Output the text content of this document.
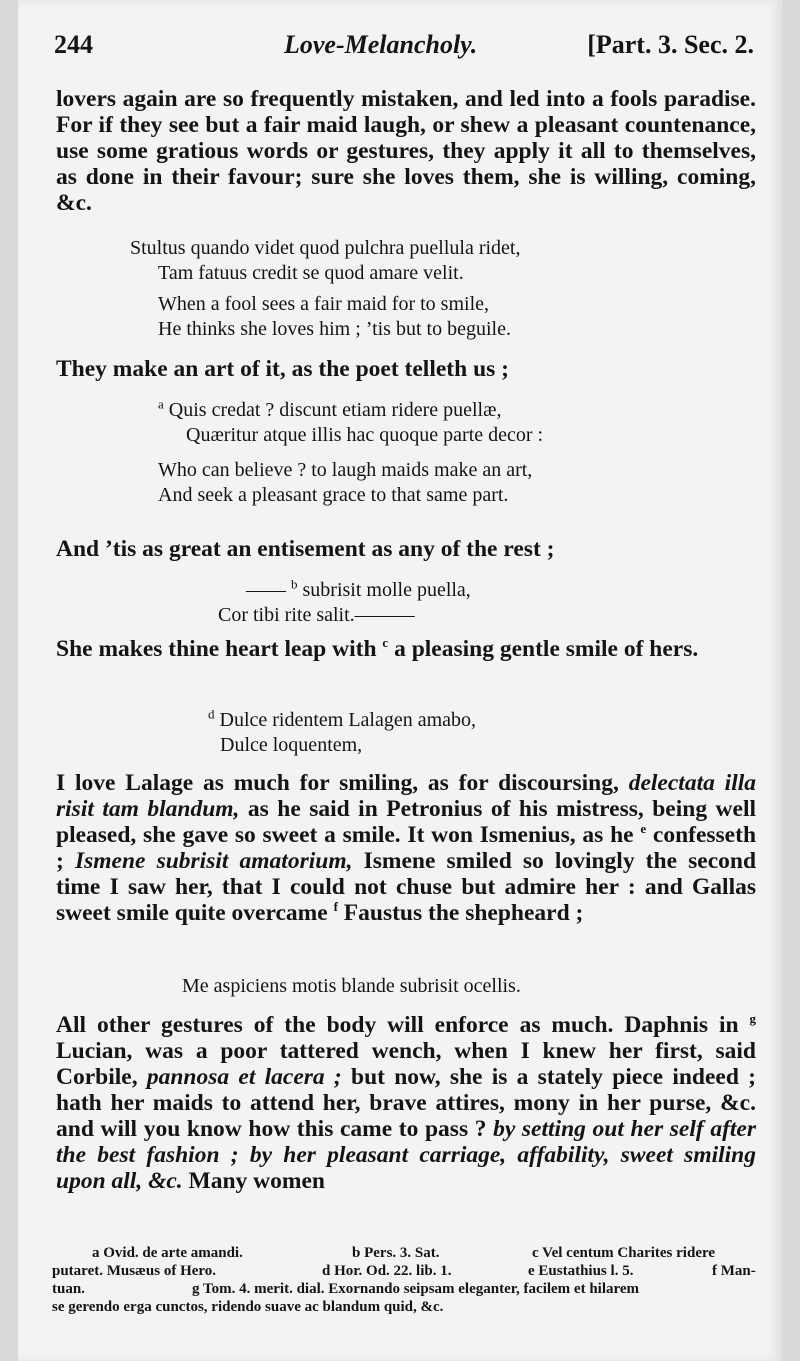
244	Love-Melancholy.	[Part. 3. Sec. 2.
lovers again are so frequently mistaken, and led into a fools paradise. For if they see but a fair maid laugh, or shew a pleasant countenance, use some gratious words or gestures, they apply it all to themselves, as done in their favour; sure she loves them, she is willing, coming, &c.
Stultus quando videt quod pulchra puellula ridet,
Tam fatuus credit se quod amare velit.
When a fool sees a fair maid for to smile,
He thinks she loves him ; ’tis but to beguile.
They make an art of it, as the poet telleth us ;
$^a$ Quis credat ? discunt etiam ridere puellæ,
Quæritur atque illis hac quoque parte decor :
Who can believe ? to laugh maids make an art,
And seek a pleasant grace to that same part.
And ’tis as great an entisement as any of the rest ;
—— $^b$ subrisit molle puella,
Cor tibi rite salit.———
She makes thine heart leap with $^c$ a pleasing gentle smile of hers.
$^d$ Dulce ridentem Lalagen amabo,
Dulce loquentem,
I love Lalage as much for smiling, as for discoursing, delectata illa risit tam blandum, as he said in Petronius of his mistress, being well pleased, she gave so sweet a smile. It won Ismenius, as he $^e$ confesseth ; Ismene subrisit amatorium, Ismene smiled so lovingly the second time I saw her, that I could not chuse but admire her : and Gallas sweet smile quite overcame $^f$ Faustus the shepheard ;
Me aspiciens motis blande subrisit ocellis.
All other gestures of the body will enforce as much. Daphnis in $^g$ Lucian, was a poor tattered wench, when I knew her first, said Corbile, pannosa et lacera ; but now, she is a stately piece indeed ; hath her maids to attend her, brave attires, mony in her purse, &c. and will you know how this came to pass ? by setting out her self after the best fashion ; by her pleasant carriage, affability, sweet smiling upon all, &c. Many women
a Ovid. de arte amandi.	b Pers. 3. Sat.	c Vel centum Charites ridere
putaret. Musæus of Hero.	d Hor. Od. 22. lib. 1.	e Eustathius l. 5.	f Man-
tuan.	g Tom. 4. merit. dial. Exornando seipsam eleganter, facilem et hilarem
se gerendo erga cunctos, ridendo suave ac blandum quid, &c.
